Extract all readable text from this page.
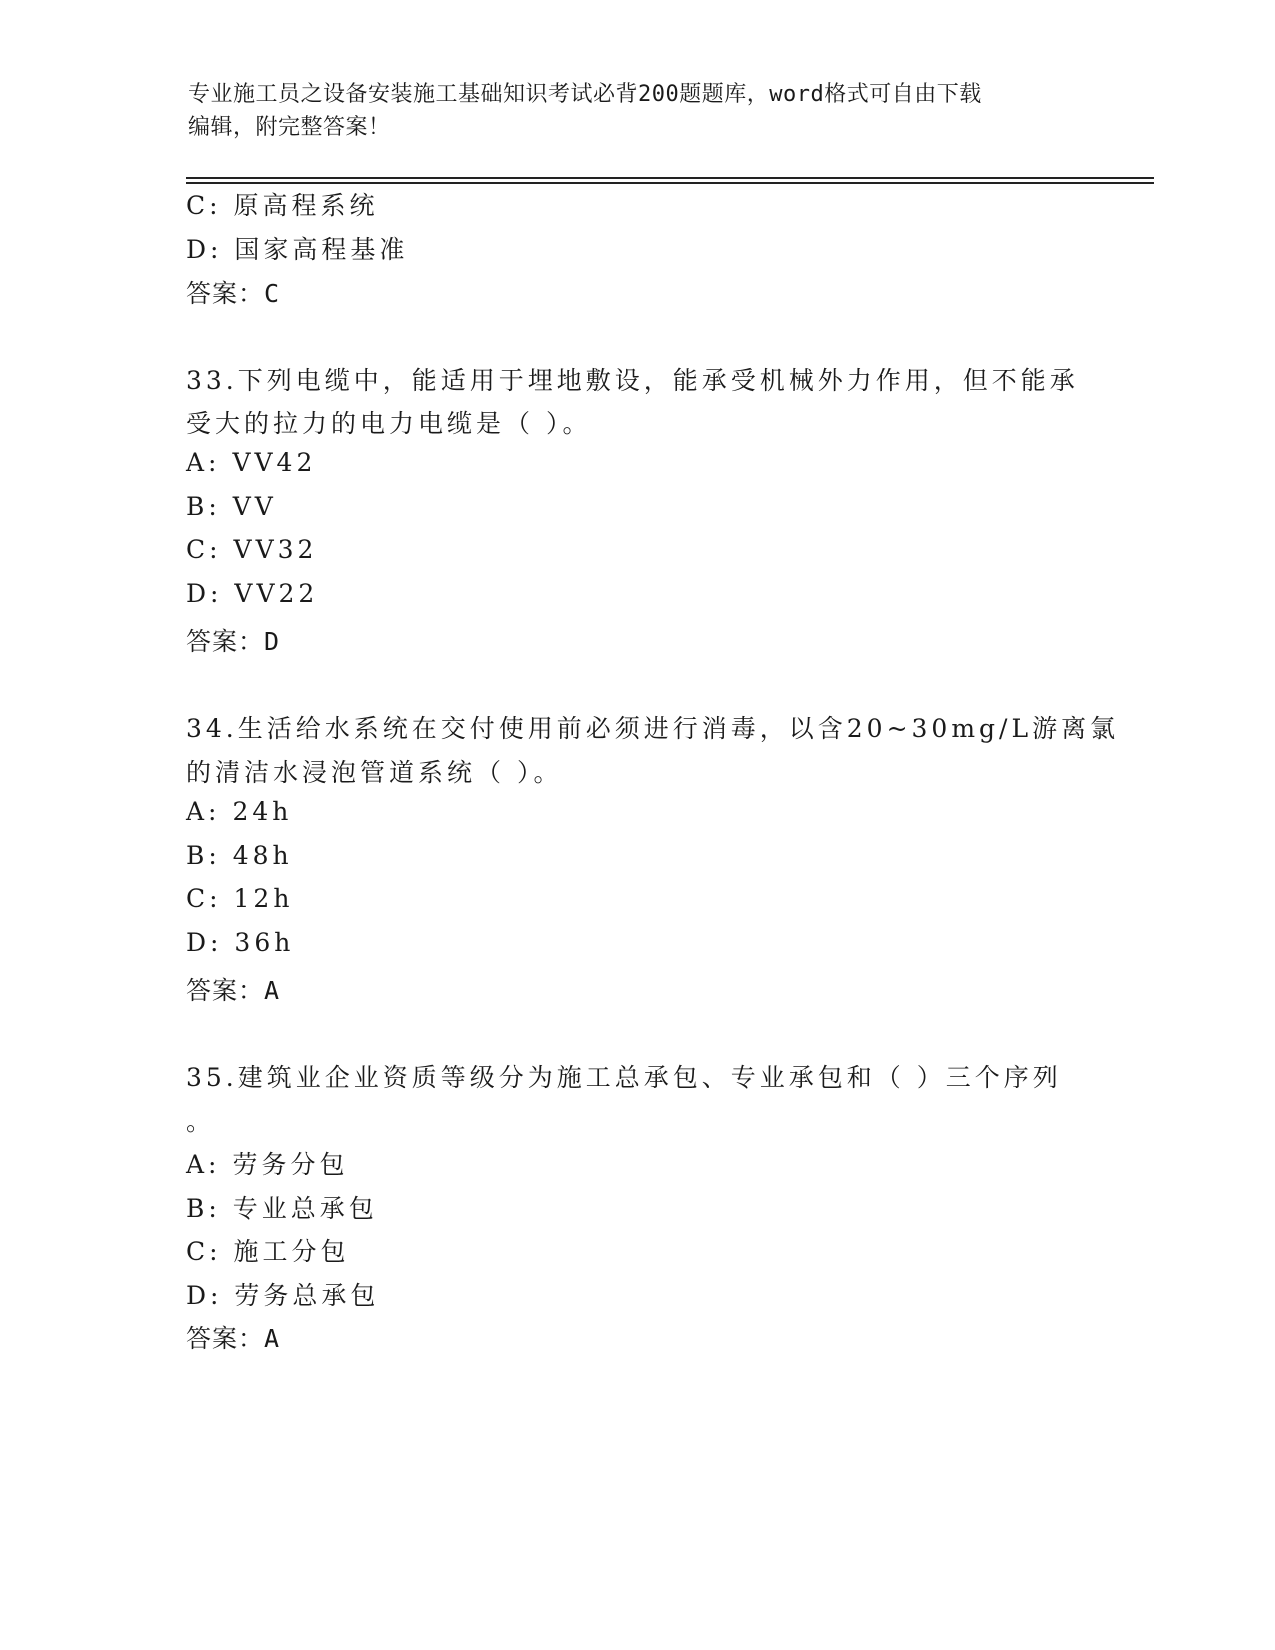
专业施工员之设备安装施工基础知识考试必背200题题库，word格式可自由下载
编辑，附完整答案！
C: 原高程系统
D: 国家高程基准
答案：C
33.下列电缆中，能适用于埋地敷设，能承受机械外力作用，但不能承
受大的拉力的电力电缆是（ ）。
A: VV42
B: VV
C: VV32
D: VV22
答案：D
34.生活给水系统在交付使用前必须进行消毒，以含20~30mg/L游离氯
的清洁水浸泡管道系统（ ）。
A: 24h
B: 48h
C: 12h
D: 36h
答案：A
35.建筑业企业资质等级分为施工总承包、专业承包和（ ）三个序列
。
A: 劳务分包
B: 专业总承包
C: 施工分包
D: 劳务总承包
答案：A
